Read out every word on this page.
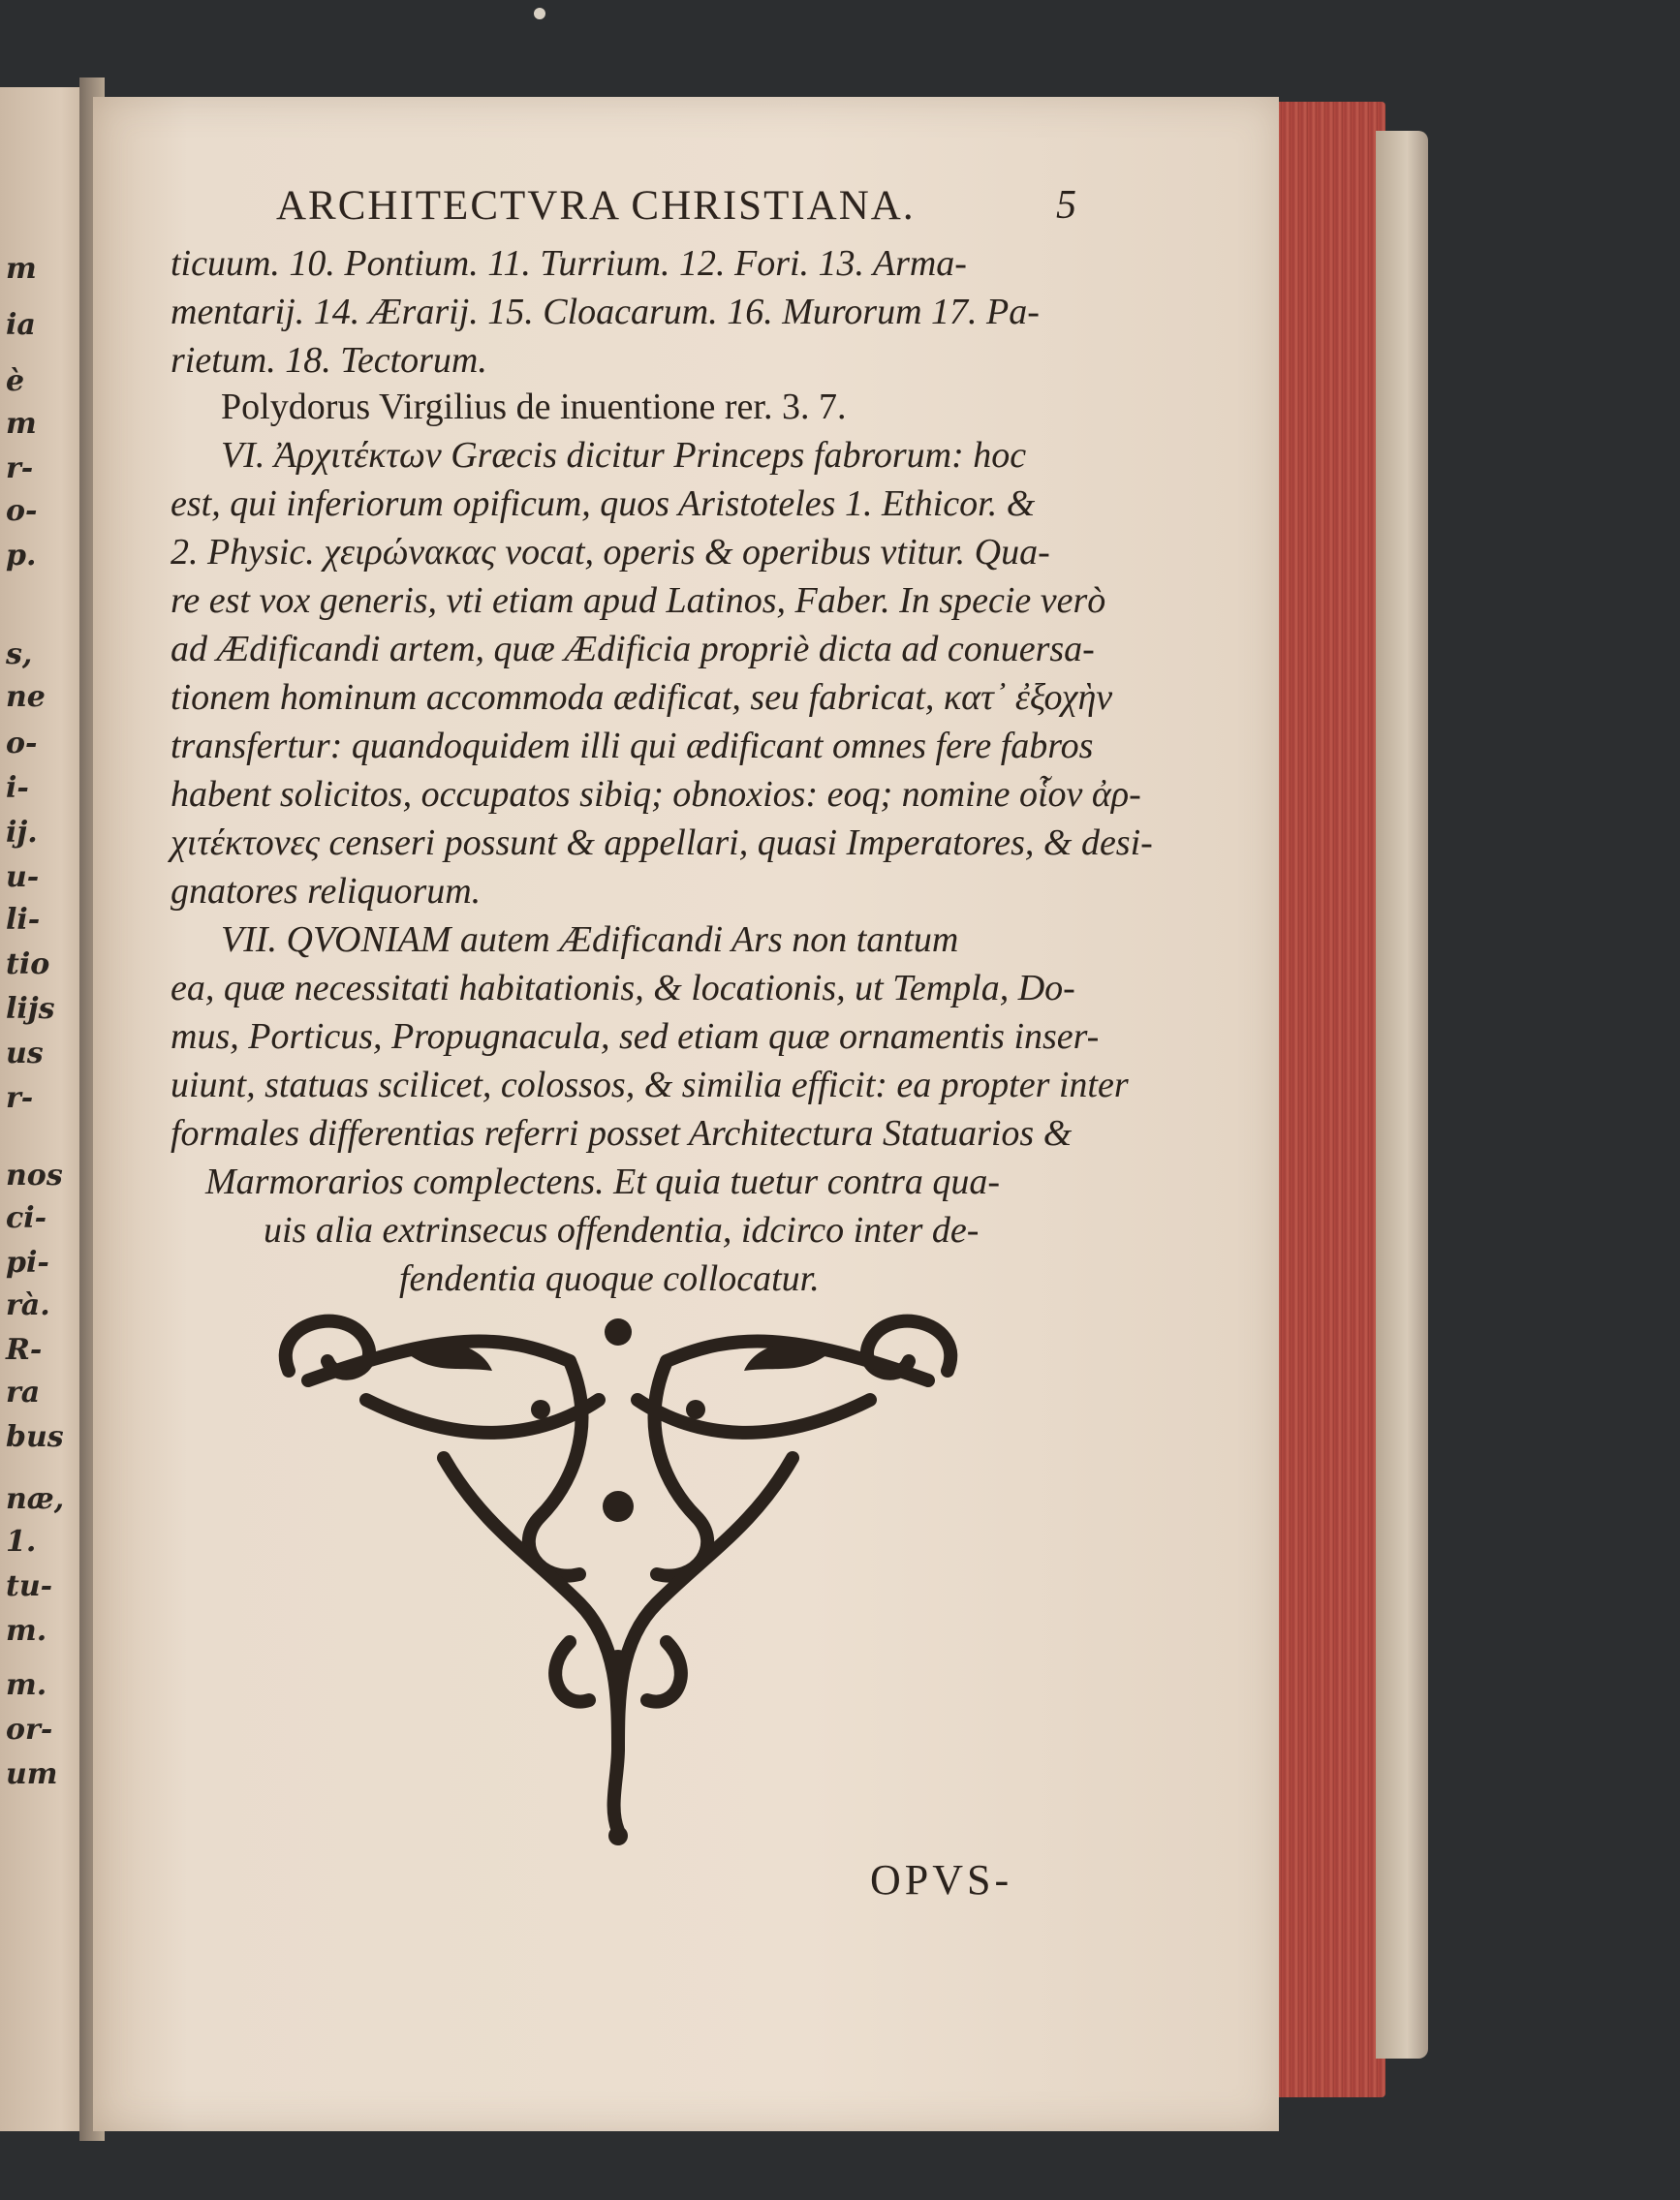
m
ia
è
m
r-
o-
p.
s,
ne
o-
i-
ij.
u-
li-
tio
lijs
us
r-
nos
ci-
pi-
rà.
R-
ra
bus
næ,
1.
tu-
m.
m.
or-
um
ARCHITECTVRA CHRISTIANA.	5
ticuum. 10. Pontium. 11. Turrium. 12. Fori. 13. Arma-
mentarij. 14. Ærarij. 15. Cloacarum. 16. Murorum 17. Pa-
rietum. 18. Tectorum.
Polydorus Virgilius de inuentione rer. 3. 7.
VI. Ἀρχιτέκτων Græcis dicitur Princeps fabrorum: hoc
est, qui inferiorum opificum, quos Aristoteles 1. Ethicor. &
2. Physic. χειρώνακας vocat, operis & operibus vtitur. Qua-
re est vox generis, vti etiam apud Latinos, Faber. In specie verò
ad Ædificandi artem, quæ Ædificia propriè dicta ad conuersa-
tionem hominum accommoda ædificat, seu fabricat, κατ᾽ ἐξοχὴν
transfertur: quandoquidem illi qui ædificant omnes fere fabros
habent solicitos, occupatos sibiq; obnoxios: eoq; nomine οἷον ἀρ-
χιτέκτονες censeri possunt & appellari, quasi Imperatores, & desi-
gnatores reliquorum.
VII. QVONIAM autem Ædificandi Ars non tantum
ea, quæ necessitati habitationis, & locationis, ut Templa, Do-
mus, Porticus, Propugnacula, sed etiam quæ ornamentis inser-
uiunt, statuas scilicet, colossos, & similia efficit: ea propter inter
formales differentias referri posset Architectura Statuarios &
Marmorarios complectens. Et quia tuetur contra qua-
uis alia extrinsecus offendentia, idcirco inter de-
fendentia quoque collocatur.
OPVS-
